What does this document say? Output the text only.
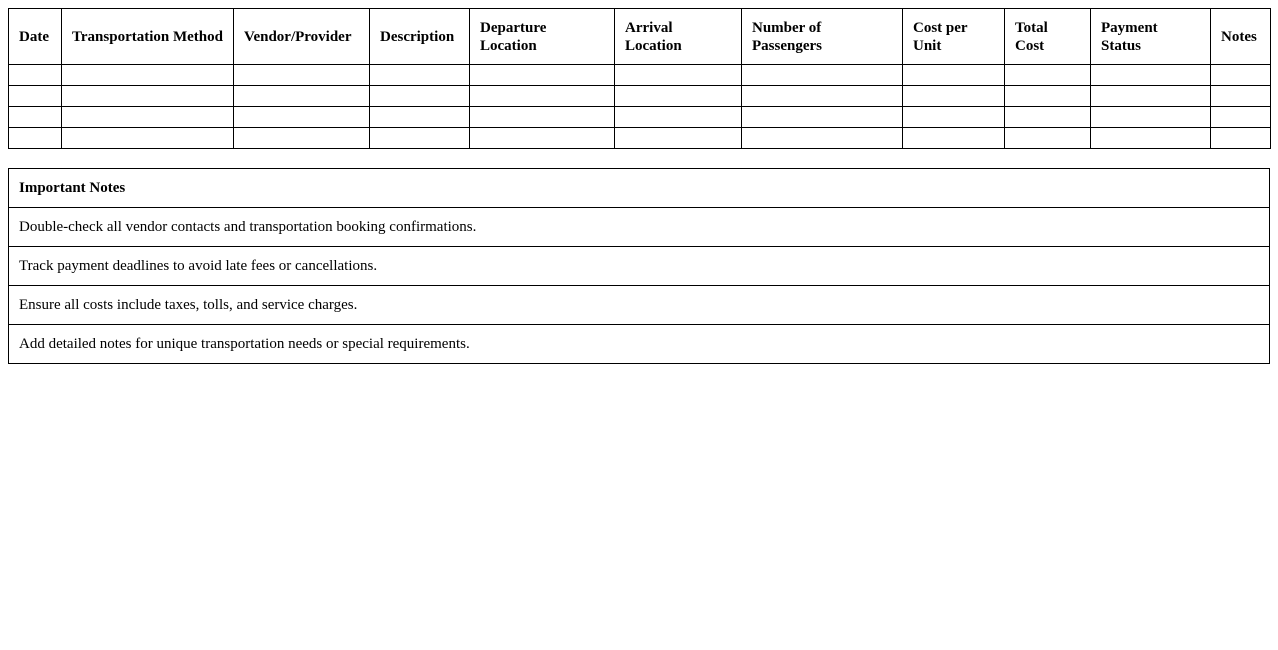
Date	Transportation Method	Vendor/Provider	Description	Departure Location	Arrival Location	Number of Passengers	Cost per Unit	Total Cost	Payment Status	Notes

Important Notes
Double-check all vendor contacts and transportation booking confirmations.
Track payment deadlines to avoid late fees or cancellations.
Ensure all costs include taxes, tolls, and service charges.
Add detailed notes for unique transportation needs or special requirements.
